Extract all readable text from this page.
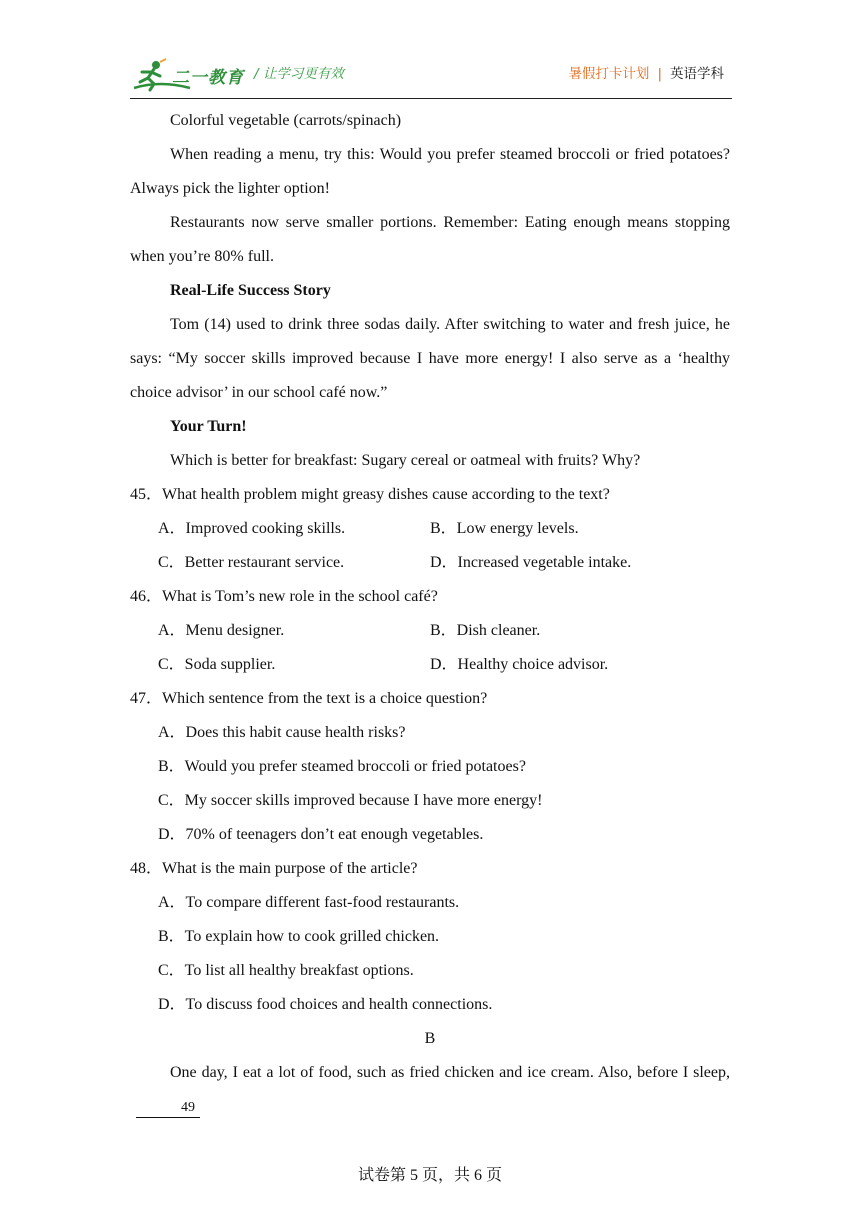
二一教育 / 让学习更有效	暑假打卡计划 | 英语学科

Colorful vegetable (carrots/spinach)

When reading a menu, try this: Would you prefer steamed broccoli or fried potatoes? Always pick the lighter option!

Restaurants now serve smaller portions. Remember: Eating enough means stopping when you’re 80% full.

Real-Life Success Story

Tom (14) used to drink three sodas daily. After switching to water and fresh juice, he says: “My soccer skills improved because I have more energy! I also serve as a ‘healthy choice advisor’ in our school café now.”

Your Turn!

Which is better for breakfast: Sugary cereal or oatmeal with fruits? Why?

45．What health problem might greasy dishes cause according to the text?

A．Improved cooking skills.	B．Low energy levels.
C．Better restaurant service.	D．Increased vegetable intake.

46．What is Tom’s new role in the school café?

A．Menu designer.	B．Dish cleaner.
C．Soda supplier.	D．Healthy choice advisor.

47．Which sentence from the text is a choice question?

A．Does this habit cause health risks?

B．Would you prefer steamed broccoli or fried potatoes?

C．My soccer skills improved because I have more energy!

D．70% of teenagers don’t eat enough vegetables.

48．What is the main purpose of the article?

A．To compare different fast-food restaurants.

B．To explain how to cook grilled chicken.

C．To list all healthy breakfast options.

D．To discuss food choices and health connections.

B

One day, I eat a lot of food, such as fried chicken and ice cream. Also, before I sleep,49

试卷第 5 页，共 6 页
